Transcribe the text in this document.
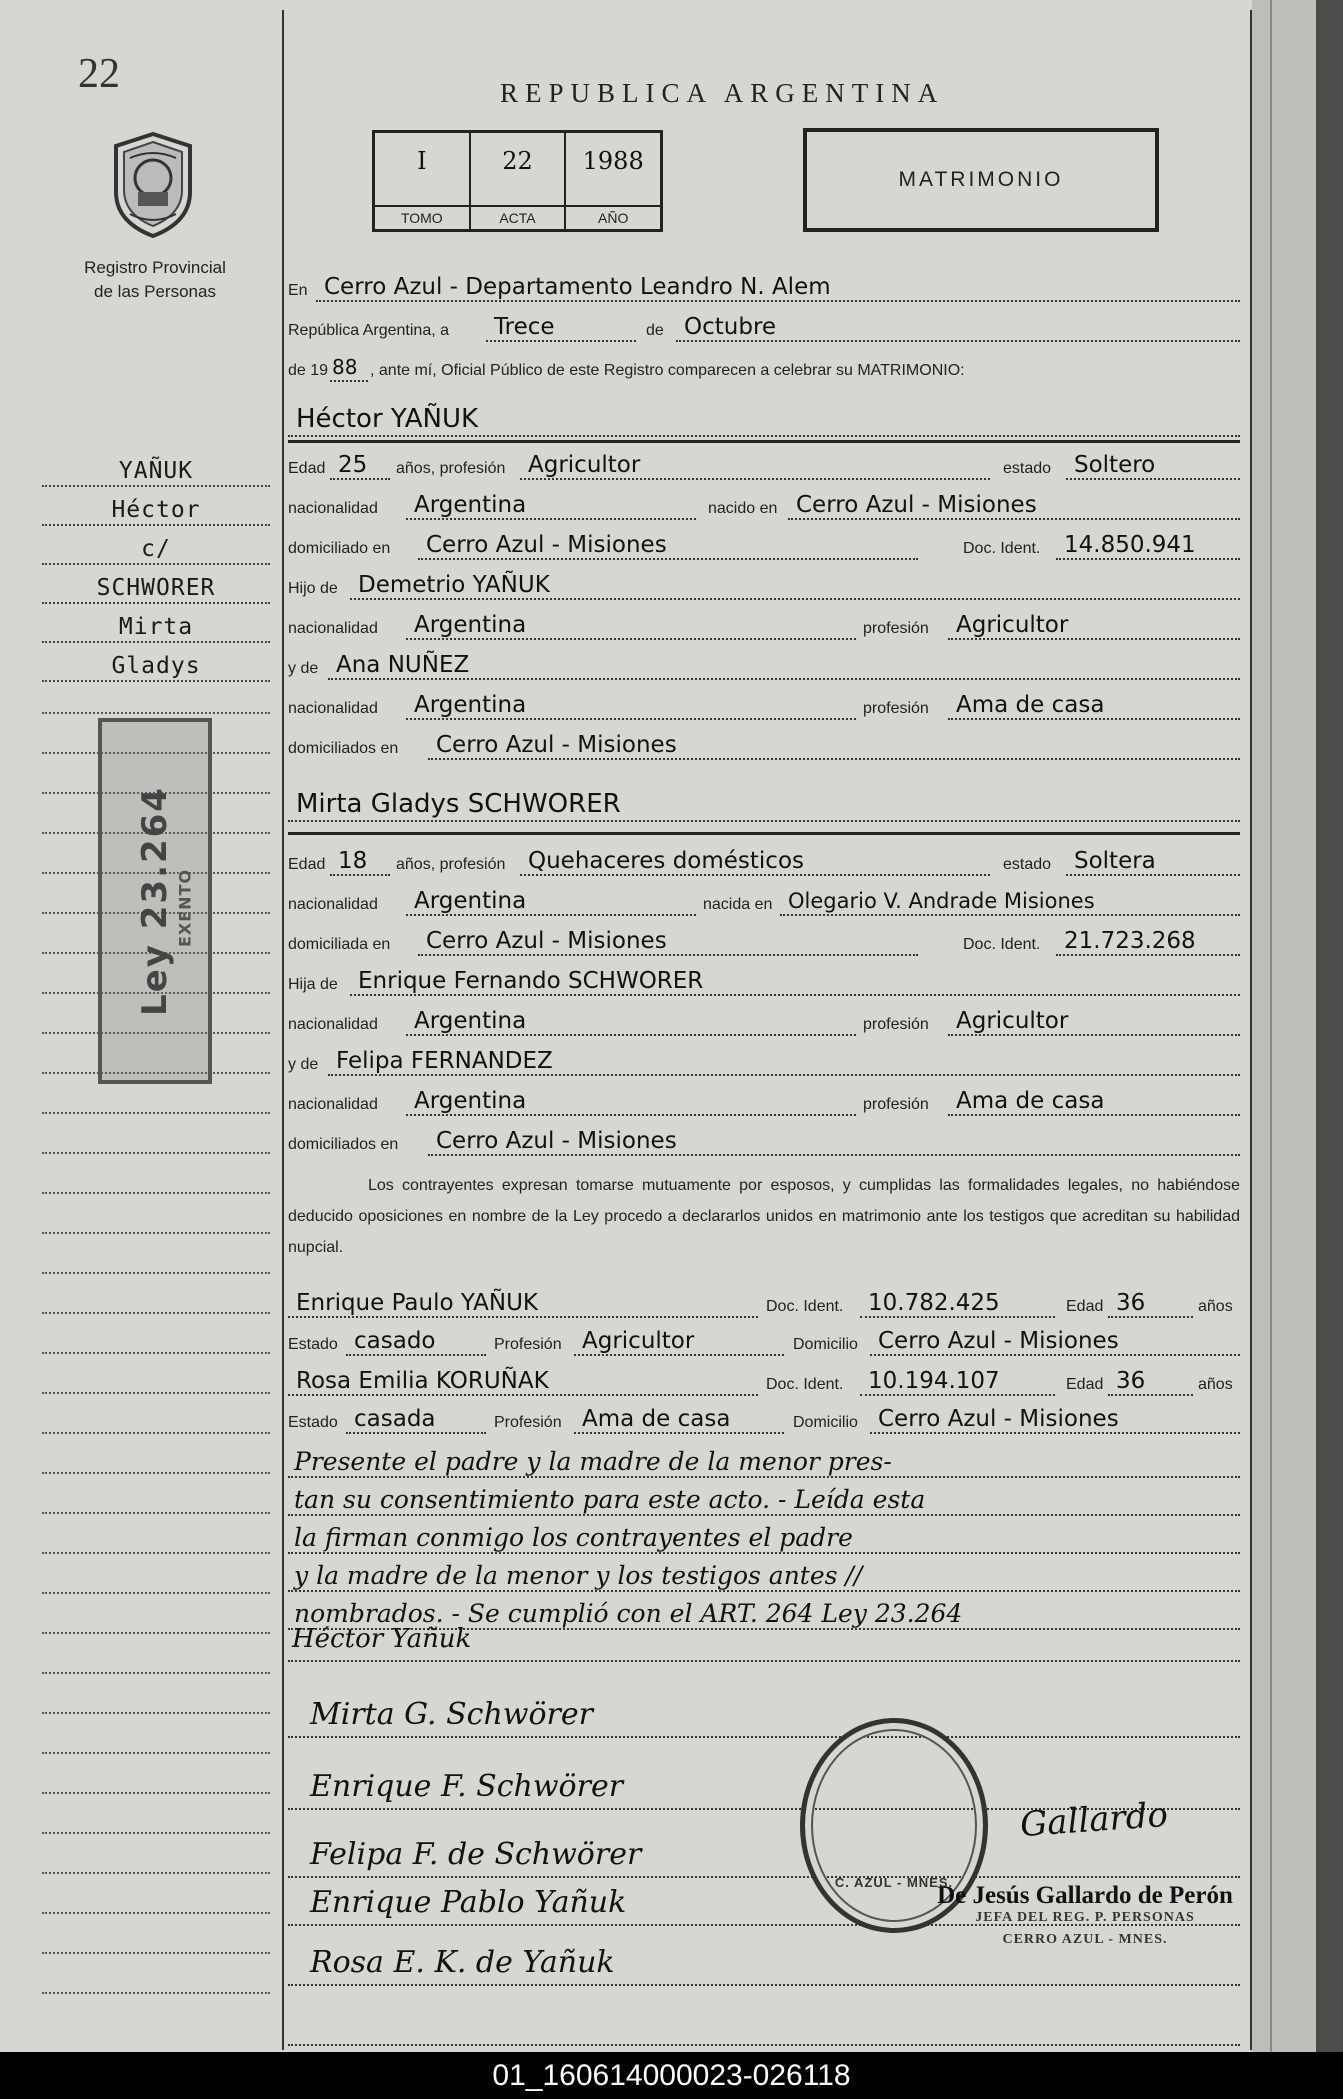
22
Registro Provincial
de las Personas
YAÑUK
Héctor
c/
SCHWORER
Mirta
Gladys
Ley 23.264 EXENTO
REPUBLICA ARGENTINA
I
TOMO
22
ACTA
1988
AÑO
MATRIMONIO
En Cerro Azul - Departamento Leandro N. Alem
República Argentina, a	Trece	de Octubre
de 19 88 , ante mí, Oficial Público de este Registro comparecen a celebrar su MATRIMONIO:
Héctor YAÑUK
Edad 25	años, profesión Agricultor	estado Soltero
nacionalidad	Argentina	nacido en Cerro Azul - Misiones
domiciliado en	Cerro Azul - Misiones	Doc. Ident.	14.850.941
Hijo de Demetrio YAÑUK
nacionalidad	Argentina	profesión	Agricultor
y de Ana NUÑEZ
nacionalidad	Argentina	profesión	Ama de casa
domiciliados en	Cerro Azul - Misiones
Mirta Gladys SCHWORER
Edad 18	años, profesión Quehaceres domésticos	estado Soltera
nacionalidad	Argentina	nacida en Olegario V. Andrade Misiones
domiciliada en	Cerro Azul - Misiones	Doc. Ident.	21.723.268
Hija de Enrique Fernando SCHWORER
nacionalidad	Argentina	profesión	Agricultor
y de Felipa FERNANDEZ
nacionalidad	Argentina	profesión	Ama de casa
domiciliados en	Cerro Azul - Misiones
Los contrayentes expresan tomarse mutuamente por esposos, y cumplidas las formalidades legales, no habiéndose deducido oposiciones en nombre de la Ley procedo a declararlos unidos en matrimonio ante los testigos que acreditan su habilidad nupcial.
Enrique Paulo YAÑUK	Doc. Ident.	10.782.425	Edad 36	años
Estado casado	Profesión Agricultor	Domicilio Cerro Azul - Misiones
Rosa Emilia KORUÑAK	Doc. Ident.	10.194.107	Edad 36	años
Estado casada	Profesión Ama de casa	Domicilio Cerro Azul - Misiones
Presente el padre y la madre de la menor pres-
tan su consentimiento para este acto. - Leída esta
la firman conmigo los contrayentes el padre
y la madre de la menor y los testigos antes //
nombrados. - Se cumplió con el ART. 264 Ley 23.264
Héctor Yañuk
Mirta G. Schwörer
Enrique F. Schwörer
Felipa F. de Schwörer
Enrique Pablo Yañuk
Rosa E. K. de Yañuk
C. AZUL - MNES.
Gallardo
De Jesús Gallardo de Perón
JEFA DEL REG. P. PERSONAS
CERRO AZUL - MNES.
01_160614000023-026118
